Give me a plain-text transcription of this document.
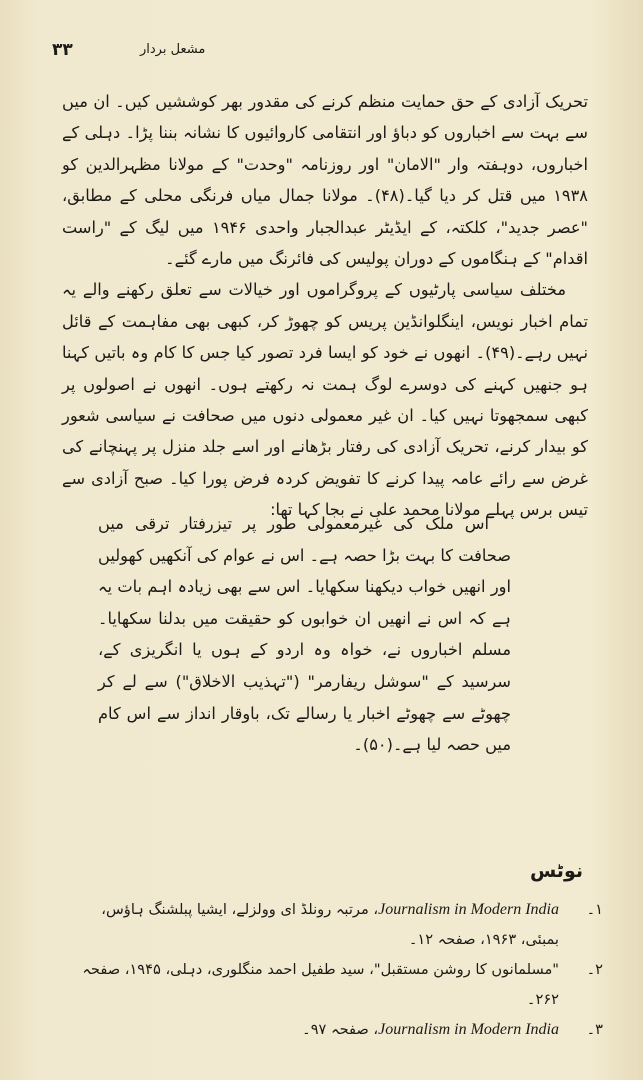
۳۳	مشعل بردار

تحریک آزادی کے حق حمایت منظم کرنے کی مقدور بھر کوششیں کیں۔ ان میں سے بہت سے اخباروں کو دباؤ اور انتقامی کاروائیوں کا نشانہ بننا پڑا۔ دہلی کے اخباروں، دوہفتہ وار "الامان" اور روزنامہ "وحدت" کے مولانا مظہرالدین کو ۱۹۳۸ میں قتل کر دیا گیا۔(۴۸)۔ مولانا جمال میاں فرنگی محلی کے مطابق، "عصر جدید"، کلکتہ، کے ایڈیٹر عبدالجبار واحدی ۱۹۴۶ میں لیگ کے "راست اقدام" کے ہنگاموں کے دوران پولیس کی فائرنگ میں مارے گئے۔

مختلف سیاسی پارٹیوں کے پروگراموں اور خیالات سے تعلق رکھنے والے یہ تمام اخبار نویس، اینگلوانڈین پریس کو چھوڑ کر، کبھی بھی مفاہمت کے قائل نہیں رہے۔(۴۹)۔ انھوں نے خود کو ایسا فرد تصور کیا جس کا کام وہ باتیں کہنا ہو جنھیں کہنے کی دوسرے لوگ ہمت نہ رکھتے ہوں۔ انھوں نے اصولوں پر کبھی سمجھوتا نہیں کیا۔ ان غیر معمولی دنوں میں صحافت نے سیاسی شعور کو بیدار کرنے، تحریک آزادی کی رفتار بڑھانے اور اسے جلد منزل پر پہنچانے کی غرض سے رائے عامہ پیدا کرنے کا تفویض کردہ فرض پورا کیا۔ صبح آزادی سے تیس برس پہلے مولانا محمد علی نے بجا کہا تھا:

اس ملک کی غیرمعمولی طور پر تیزرفتار ترقی میں صحافت کا بہت بڑا حصہ ہے۔ اس نے عوام کی آنکھیں کھولیں اور انھیں خواب دیکھنا سکھایا۔ اس سے بھی زیادہ اہم بات یہ ہے کہ اس نے انھیں ان خوابوں کو حقیقت میں بدلنا سکھایا۔ مسلم اخباروں نے، خواہ وہ اردو کے ہوں یا انگریزی کے، سرسید کے "سوشل ریفارمر" ("تہذیب الاخلاق") سے لے کر چھوٹے سے چھوٹے اخبار یا رسالے تک، باوقار انداز سے اس کام میں حصہ لیا ہے۔(۵۰)۔

نوٹس
۱۔
Journalism in Modern India، مرتبہ رونلڈ ای وولزلے، ایشیا پبلشنگ ہاؤس،
بمبئی، ۱۹۶۳، صفحہ ۱۲۔
۲۔
"مسلمانوں کا روشن مستقبل"، سید طفیل احمد منگلوری، دہلی، ۱۹۴۵، صفحہ ۲۶۲۔
۳۔
Journalism in Modern India، صفحہ ۹۷۔
